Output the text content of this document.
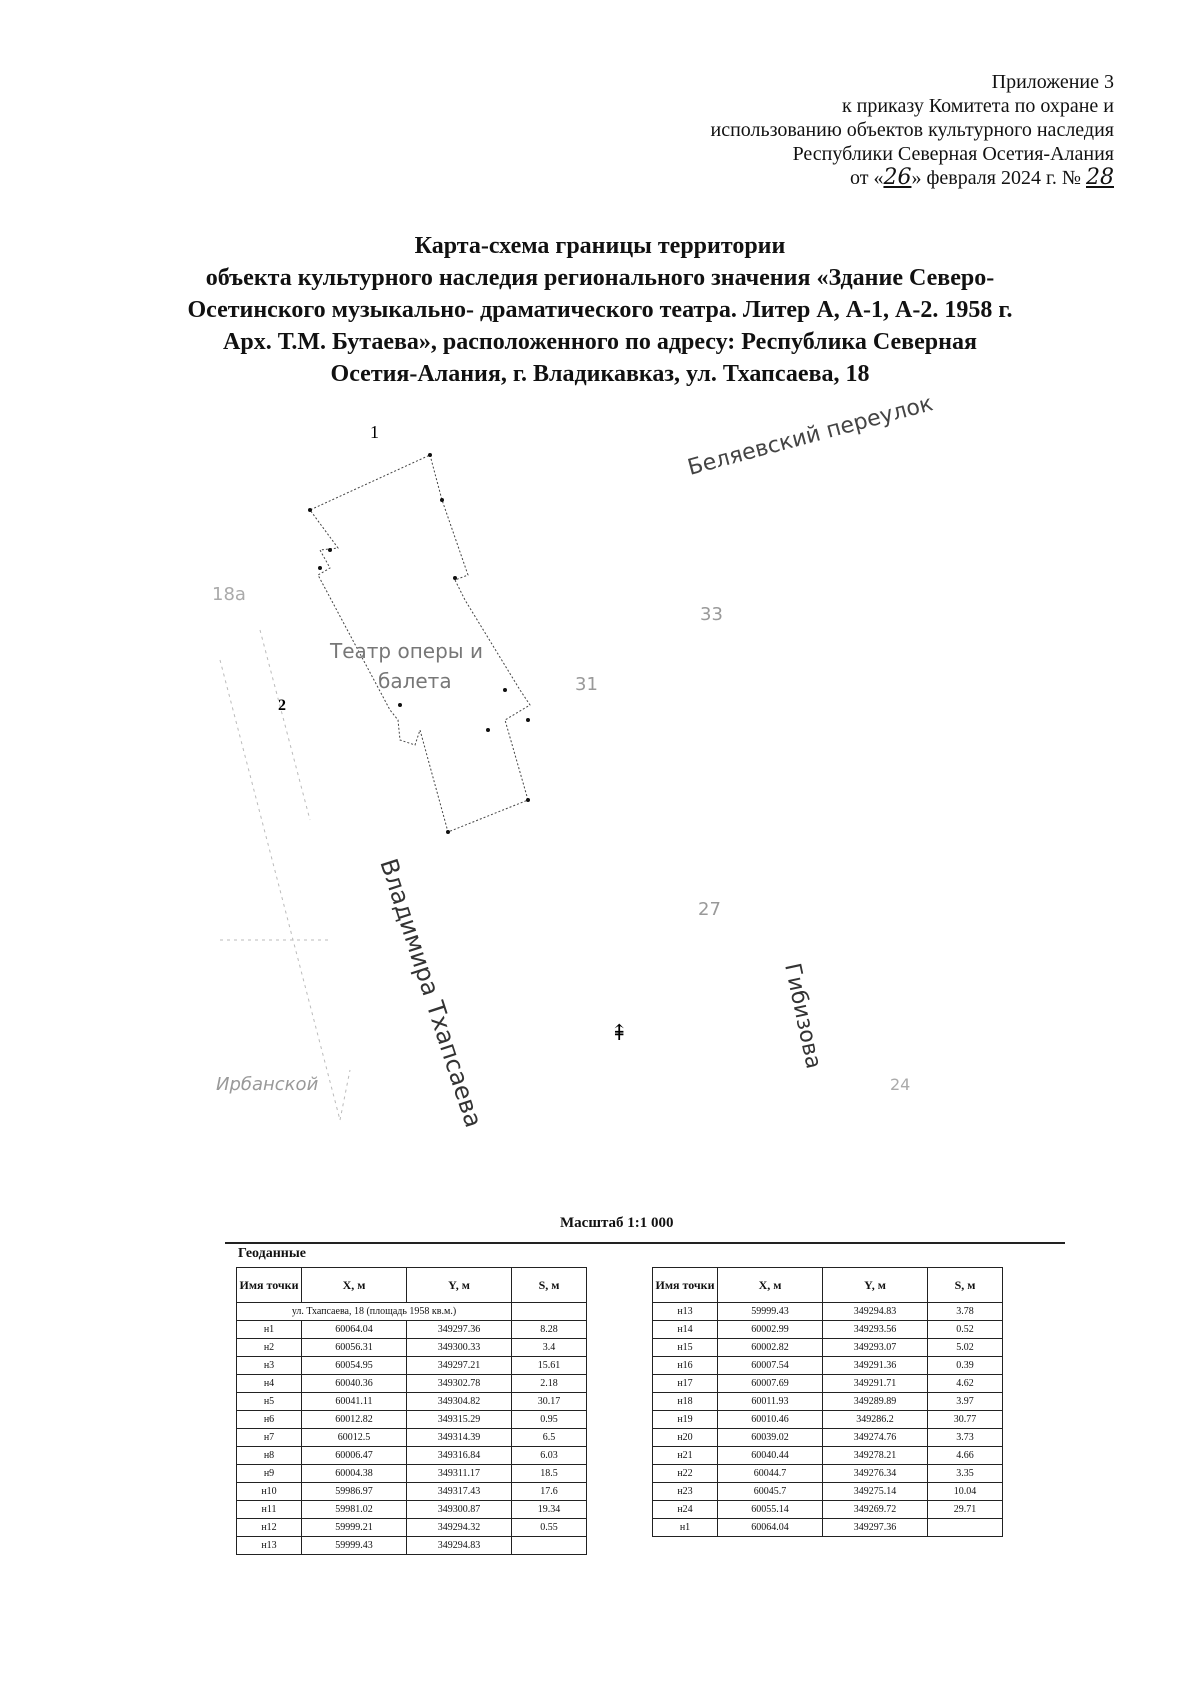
Приложение 3
к приказу Комитета по охране и
использованию объектов культурного наследия
Республики Северная Осетия-Алания
от «26» февраля 2024 г. № 28
Карта-схема границы территории
объекта культурного наследия регионального значения «Здание Северо-
Осетинского музыкально- драматического театра. Литер А, А-1, А-2. 1958 г.
Арх. Т.М. Бутаева», расположенного по адресу: Республика Северная
Осетия-Алания, г. Владикавказ, ул. Тхапсаева, 18
1
2
Беляевский переулок
18а
33
Театр оперы и
балета	31
27
Владимира Тхапсаева	Гибизова
Ирбанской	24
⇞
Масштаб 1:1 000
Геоданные
Имя точки	X, м	Y, м	S, м
ул. Тхапсаева, 18 (площадь 1958 кв.м.)			
н1	60064.04	349297.36	8.28
н2	60056.31	349300.33	3.4
н3	60054.95	349297.21	15.61
н4	60040.36	349302.78	2.18
н5	60041.11	349304.82	30.17
н6	60012.82	349315.29	0.95
н7	60012.5	349314.39	6.5
н8	60006.47	349316.84	6.03
н9	60004.38	349311.17	18.5
н10	59986.97	349317.43	17.6
н11	59981.02	349300.87	19.34
н12	59999.21	349294.32	0.55
н13	59999.43	349294.83	
Имя точки	X, м	Y, м	S, м
н13	59999.43	349294.83	3.78
н14	60002.99	349293.56	0.52
н15	60002.82	349293.07	5.02
н16	60007.54	349291.36	0.39
н17	60007.69	349291.71	4.62
н18	60011.93	349289.89	3.97
н19	60010.46	349286.2	30.77
н20	60039.02	349274.76	3.73
н21	60040.44	349278.21	4.66
н22	60044.7	349276.34	3.35
н23	60045.7	349275.14	10.04
н24	60055.14	349269.72	29.71
н1	60064.04	349297.36	
